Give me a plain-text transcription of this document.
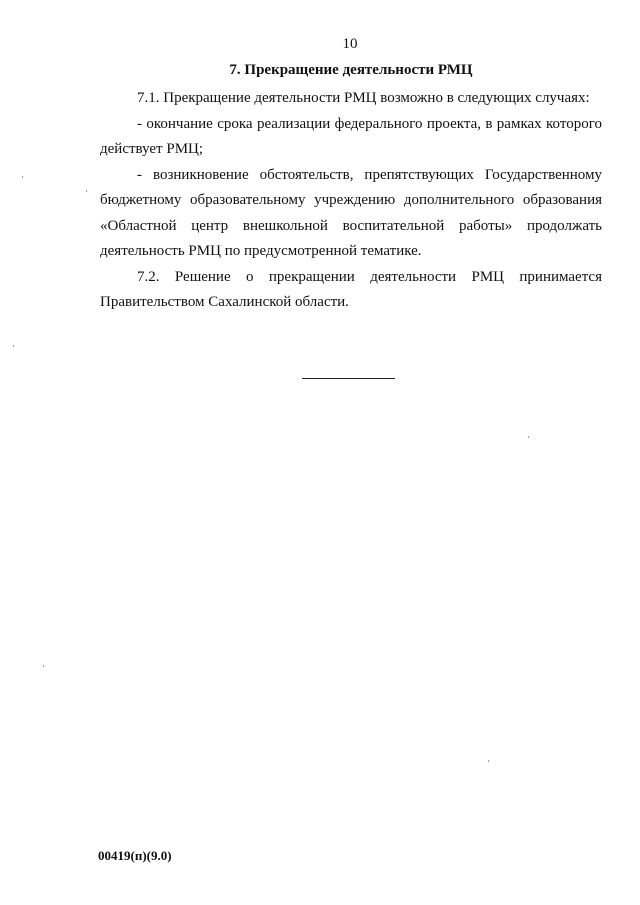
10
7. Прекращение деятельности РМЦ

7.1. Прекращение деятельности РМЦ возможно в следующих случаях:

- окончание срока реализации федерального проекта, в рамках которого действует РМЦ;

- возникновение обстоятельств, препятствующих Государственному бюджетному образовательному учреждению дополнительного образования «Областной центр внешкольной воспитательной работы» продолжать деятельность РМЦ по предусмотренной тематике.

7.2. Решение о прекращении деятельности РМЦ принимается Правительством Сахалинской области.

00419(п)(9.0)
